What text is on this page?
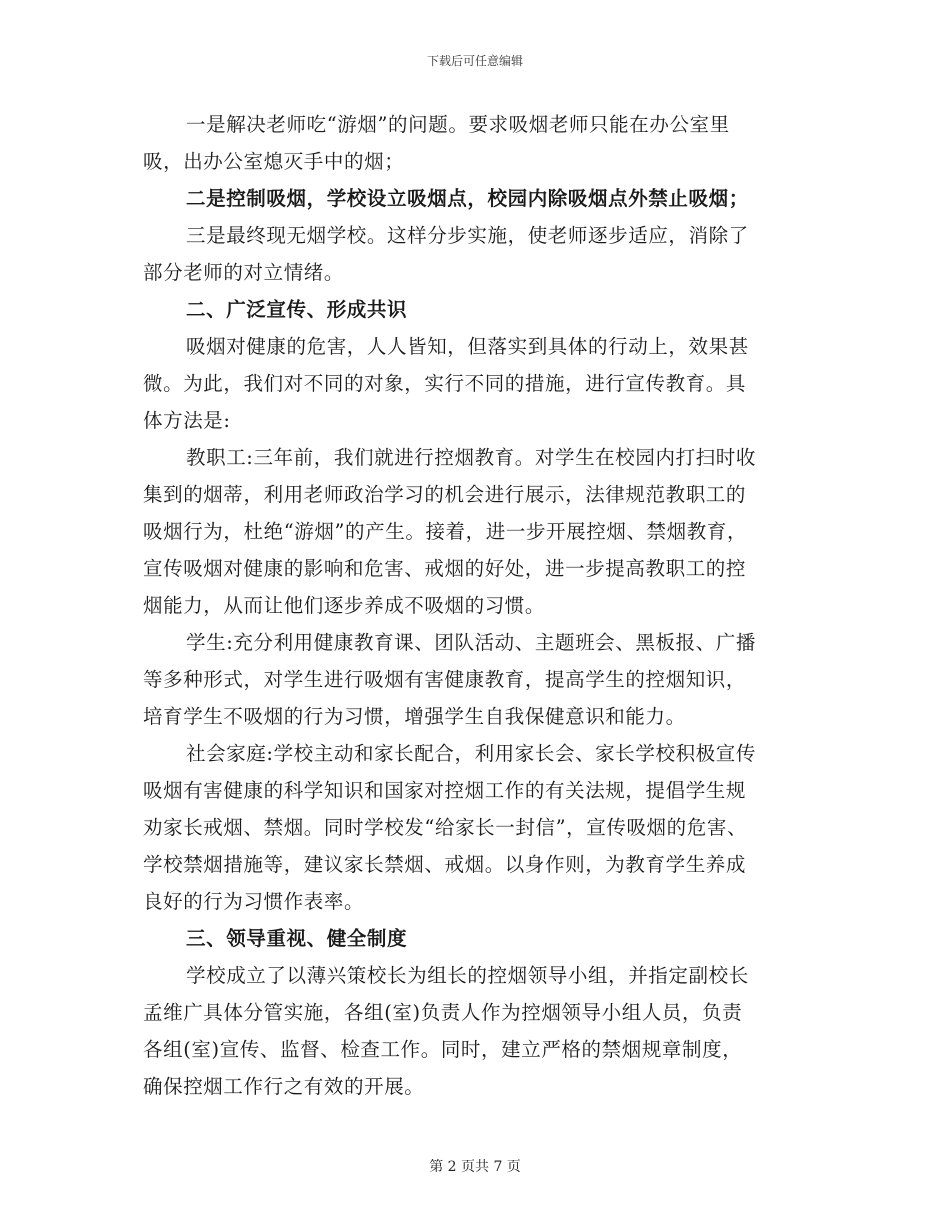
下载后可任意编辑
一是解决老师吃“游烟”的问题。要求吸烟老师只能在办公室里
吸，出办公室熄灭手中的烟；
二是控制吸烟，学校设立吸烟点，校园内除吸烟点外禁止吸烟；
三是最终现无烟学校。这样分步实施，使老师逐步适应，消除了
部分老师的对立情绪。
二、广泛宣传、形成共识
吸烟对健康的危害，人人皆知，但落实到具体的行动上，效果甚
微。为此，我们对不同的对象，实行不同的措施，进行宣传教育。具
体方法是:
教职工:三年前，我们就进行控烟教育。对学生在校园内打扫时收
集到的烟蒂，利用老师政治学习的机会进行展示，法律规范教职工的
吸烟行为，杜绝“游烟”的产生。接着，进一步开展控烟、禁烟教育，
宣传吸烟对健康的影响和危害、戒烟的好处，进一步提高教职工的控
烟能力，从而让他们逐步养成不吸烟的习惯。
学生:充分利用健康教育课、团队活动、主题班会、黑板报、广播
等多种形式，对学生进行吸烟有害健康教育，提高学生的控烟知识，
培育学生不吸烟的行为习惯，增强学生自我保健意识和能力。
社会家庭:学校主动和家长配合，利用家长会、家长学校积极宣传
吸烟有害健康的科学知识和国家对控烟工作的有关法规，提倡学生规
劝家长戒烟、禁烟。同时学校发“给家长一封信”，宣传吸烟的危害、
学校禁烟措施等，建议家长禁烟、戒烟。以身作则，为教育学生养成
良好的行为习惯作表率。
三、领导重视、健全制度
学校成立了以薄兴策校长为组长的控烟领导小组，并指定副校长
孟维广具体分管实施，各组(室)负责人作为控烟领导小组人员，负责
各组(室)宣传、监督、检查工作。同时，建立严格的禁烟规章制度，
确保控烟工作行之有效的开展。
第 2 页共 7 页
